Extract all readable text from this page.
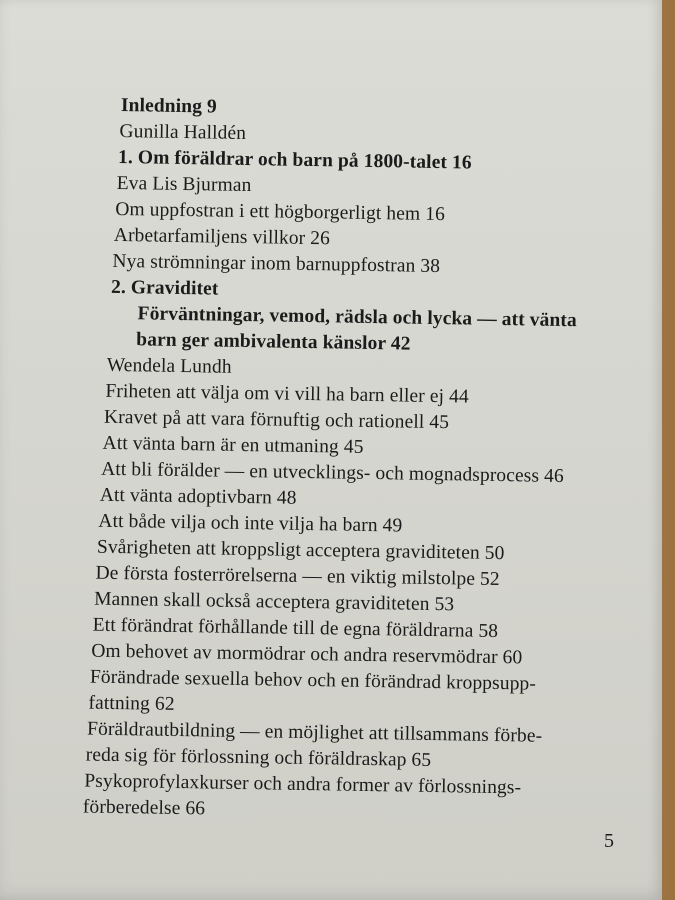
Inledning 9
Gunilla Halldén
1. Om föräldrar och barn på 1800-talet 16
Eva Lis Bjurman
Om uppfostran i ett högborgerligt hem 16
Arbetarfamiljens villkor 26
Nya strömningar inom barnuppfostran 38
2. Graviditet
Förväntningar, vemod, rädsla och lycka — att vänta
barn ger ambivalenta känslor 42
Wendela Lundh
Friheten att välja om vi vill ha barn eller ej 44
Kravet på att vara förnuftig och rationell 45
Att vänta barn är en utmaning 45
Att bli förälder — en utvecklings- och mognadsprocess 46
Att vänta adoptivbarn 48
Att både vilja och inte vilja ha barn 49
Svårigheten att kroppsligt acceptera graviditeten 50
De första fosterrörelserna — en viktig milstolpe 52
Mannen skall också acceptera graviditeten 53
Ett förändrat förhållande till de egna föräldrarna 58
Om behovet av mormödrar och andra reservmödrar 60
Förändrade sexuella behov och en förändrad kroppsupp-
fattning 62
Föräldrautbildning — en möjlighet att tillsammans förbe-
reda sig för förlossning och föräldraskap 65
Psykoprofylaxkurser och andra former av förlossnings-
förberedelse 66
5
